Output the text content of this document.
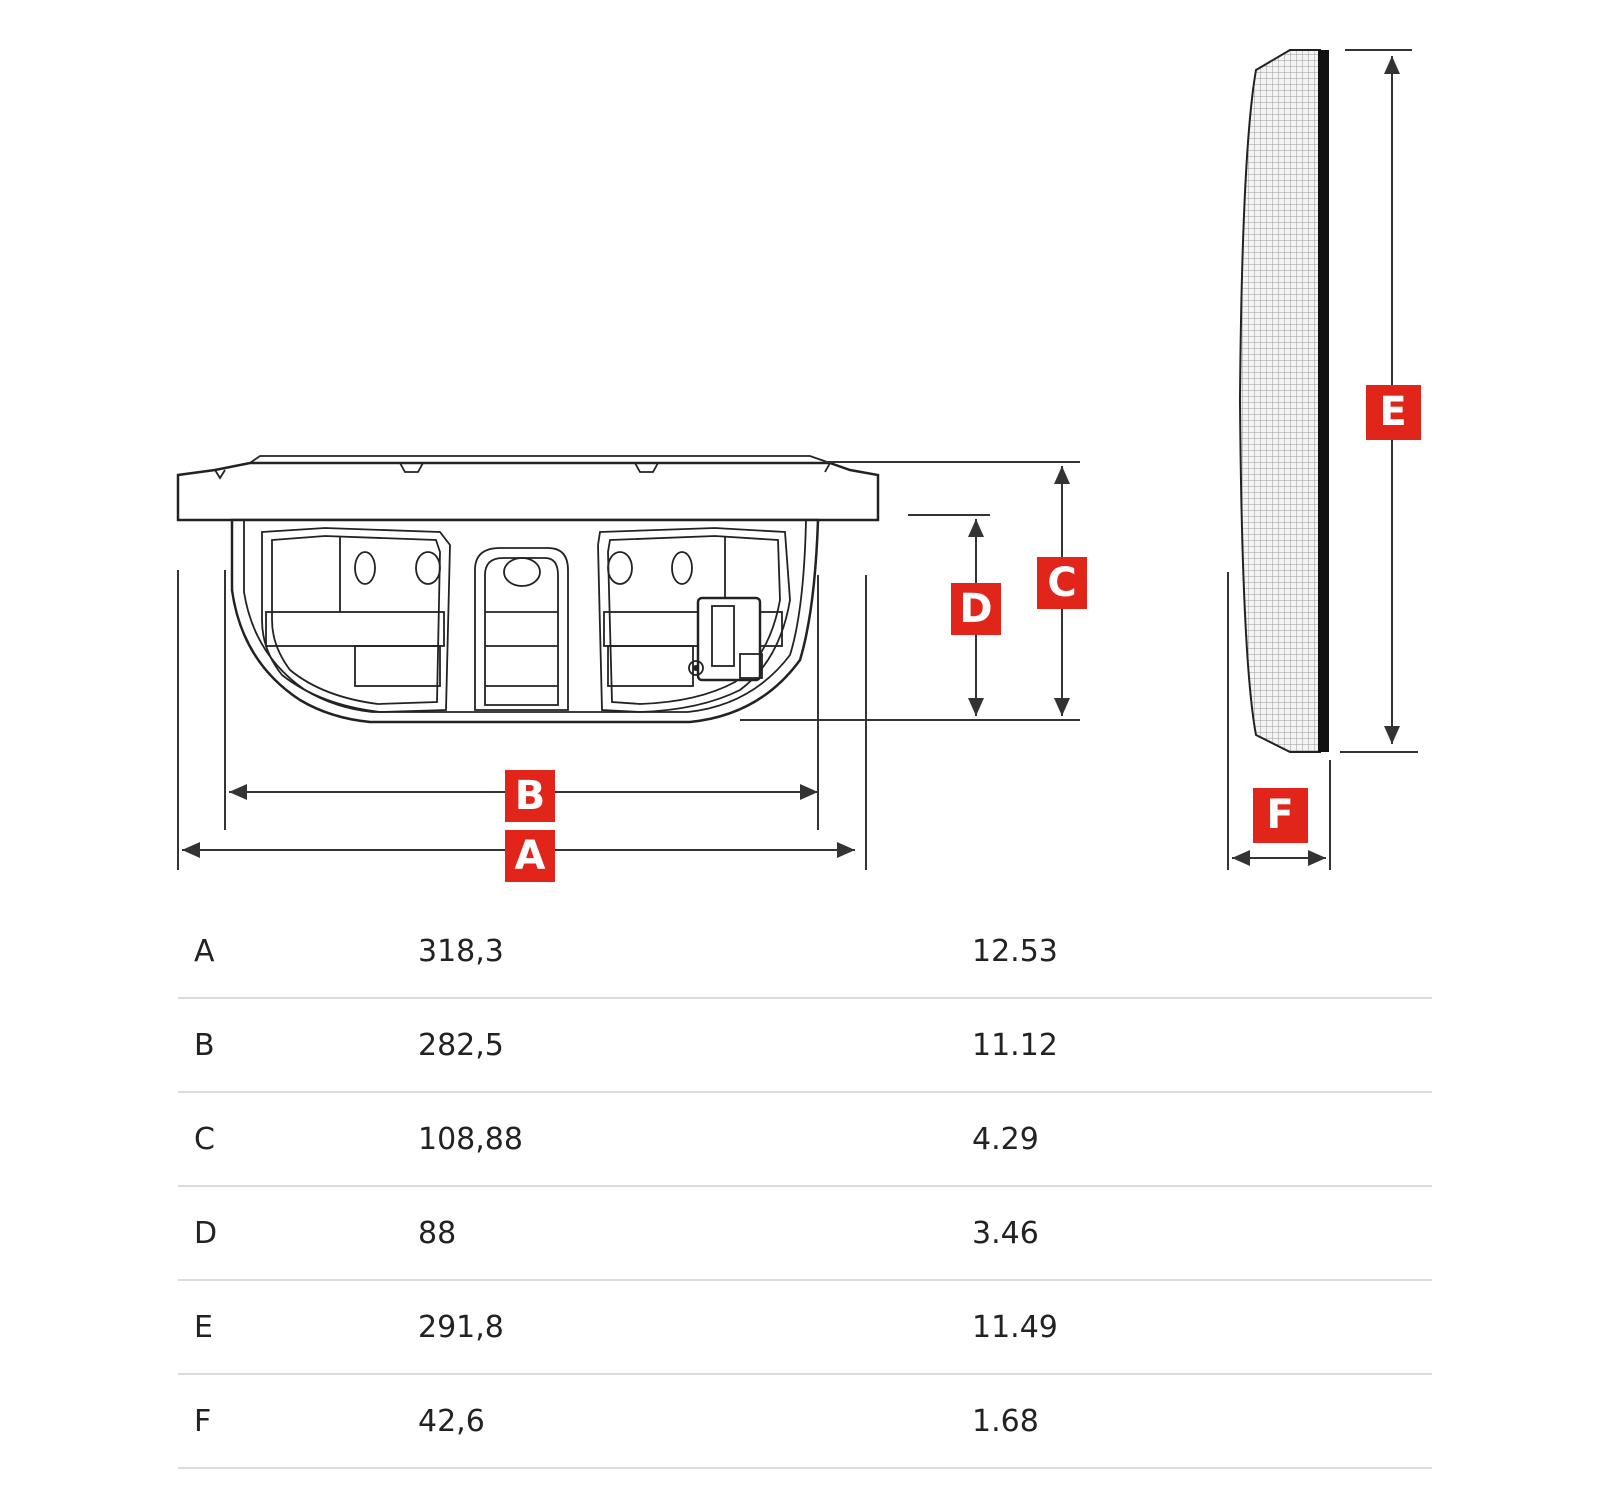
A
B
C
D
E
F
A	318,3	12.53
B	282,5	11.12
C	108,88	4.29
D	88	3.46
E	291,8	11.49
F	42,6	1.68
